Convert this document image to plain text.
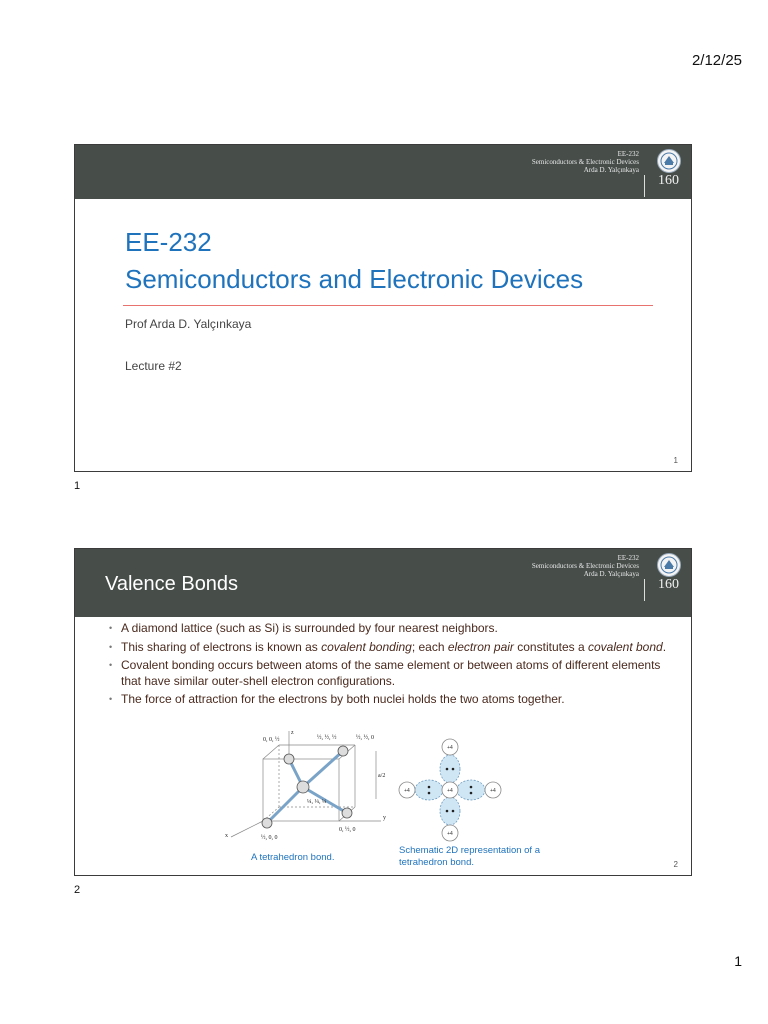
2/12/25
EE-232
Semiconductors & Electronic Devices
Arda D. Yalçınkaya
160
EE-232
Semiconductors and Electronic Devices
Prof Arda D. Yalçınkaya
Lecture #2
1
1
Valence Bonds
EE-232
Semiconductors & Electronic Devices
Arda D. Yalçınkaya
160
• A diamond lattice (such as Si) is surrounded by four nearest neighbors.
• This sharing of electrons is known as covalent bonding; each electron pair constitutes a covalent bond.
• Covalent bonding occurs between atoms of the same element or between atoms of different elements that have similar outer-shell electron configurations.
• The force of attraction for the electrons by both nuclei holds the two atoms together.
0, 0, ½	½, ½, ½	½, ½, 0
¼, ¼, ¼
0, ½, 0
½, 0, 0
a/2
x
y
z
A tetrahedron bond.
+4
+4
+4	+4
+4
Schematic 2D representation of a tetrahedron bond.	2
2
1
